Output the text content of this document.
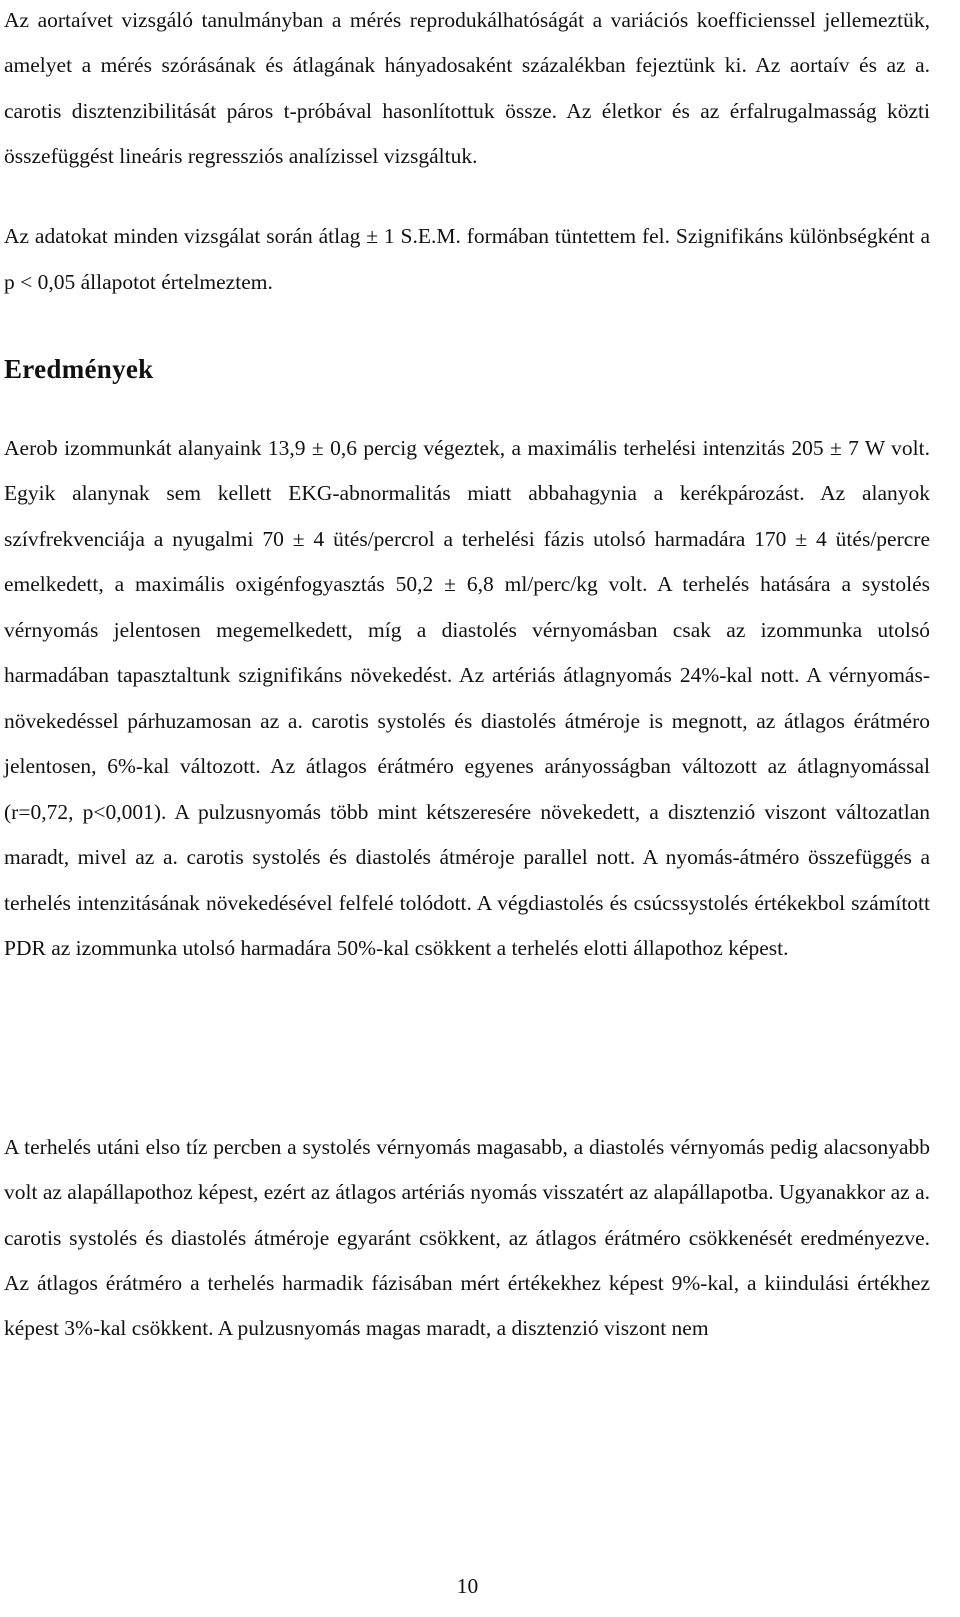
Az aortaívet vizsgáló tanulmányban a mérés reprodukálhatóságát a variációs koefficienssel jellemeztük, amelyet a mérés szórásának és átlagának hányadosaként százalékban fejeztünk ki. Az aortaív és az a. carotis disztenzibilitását páros t-próbával hasonlítottuk össze. Az életkor és az érfalrugalmasság közti összefüggést lineáris regressziós analízissel vizsgáltuk.

Az adatokat minden vizsgálat során átlag ± 1 S.E.M. formában tüntettem fel. Szignifikáns különbségként a p < 0,05 állapotot értelmeztem.

Eredmények

Aerob izommunkát alanyaink 13,9 ± 0,6 percig végeztek, a maximális terhelési intenzitás 205 ± 7 W volt. Egyik alanynak sem kellett EKG-abnormalitás miatt abbahagynia a kerékpározást. Az alanyok szívfrekvenciája a nyugalmi 70 ± 4 ütés/percrol a terhelési fázis utolsó harmadára 170 ± 4 ütés/percre emelkedett, a maximális oxigénfogyasztás 50,2 ± 6,8 ml/perc/kg volt. A terhelés hatására a systolés vérnyomás jelentosen megemelkedett, míg a diastolés vérnyomásban csak az izommunka utolsó harmadában tapasztaltunk szignifikáns növekedést. Az artériás átlagnyomás 24%-kal nott. A vérnyomás-növekedéssel párhuzamosan az a. carotis systolés és diastolés átméroje is megnott, az átlagos érátméro jelentosen, 6%-kal változott. Az átlagos érátméro egyenes arányosságban változott az átlagnyomással (r=0,72, p<0,001). A pulzusnyomás több mint kétszeresére növekedett, a disztenzió viszont változatlan maradt, mivel az a. carotis systolés és diastolés átméroje parallel nott. A nyomás-átméro összefüggés a terhelés intenzitásának növekedésével felfelé tolódott. A végdiastolés és csúcssystolés értékekbol számított PDR az izommunka utolsó harmadára 50%-kal csökkent a terhelés elotti állapothoz képest.

A terhelés utáni elso tíz percben a systolés vérnyomás magasabb, a diastolés vérnyomás pedig alacsonyabb volt az alapállapothoz képest, ezért az átlagos artériás nyomás visszatért az alapállapotba. Ugyanakkor az a. carotis systolés és diastolés átméroje egyaránt csökkent, az átlagos érátméro csökkenését eredményezve. Az átlagos érátméro a terhelés harmadik fázisában mért értékekhez képest 9%-kal, a kiindulási értékhez képest 3%-kal csökkent. A pulzusnyomás magas maradt, a disztenzió viszont nem

10
